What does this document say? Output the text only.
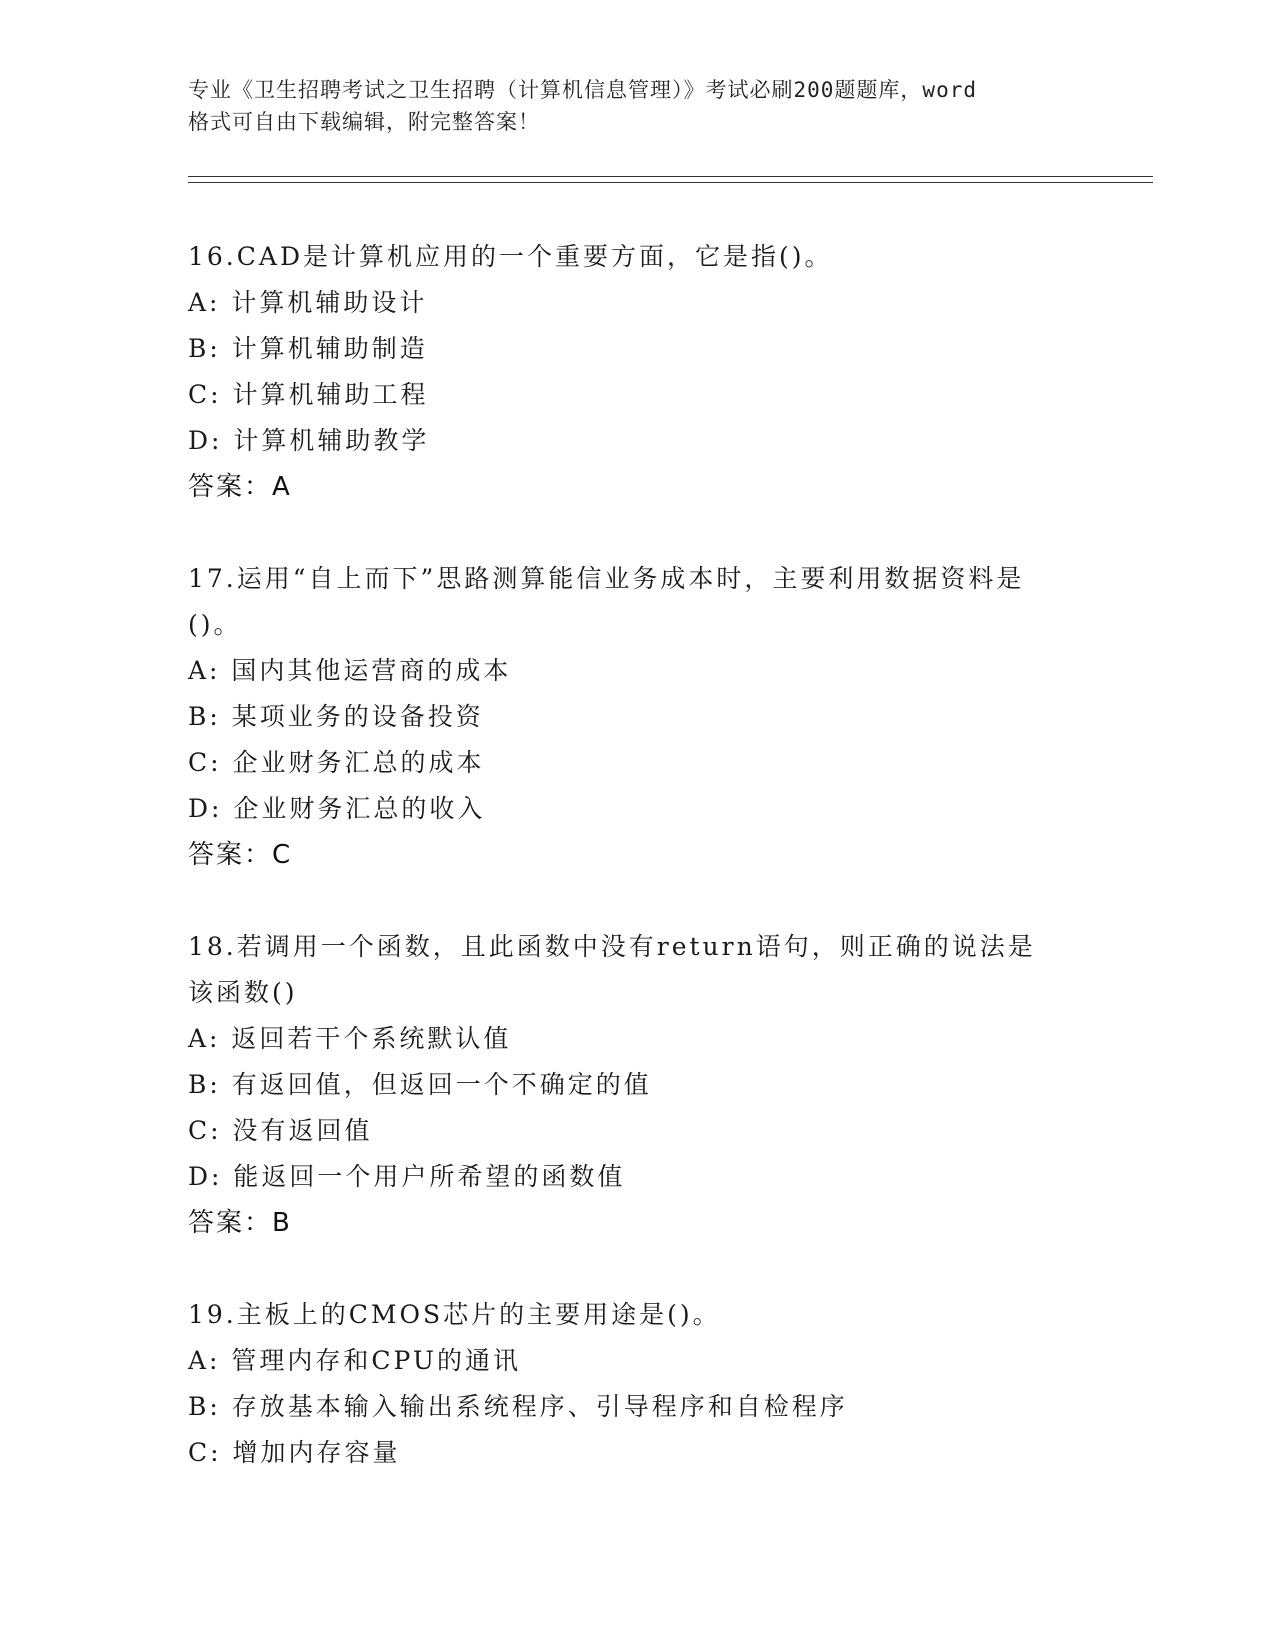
专业《卫生招聘考试之卫生招聘（计算机信息管理）》考试必刷200题题库，word
格式可自由下载编辑，附完整答案！

16.CAD是计算机应用的一个重要方面，它是指()。

A: 计算机辅助设计

B: 计算机辅助制造

C: 计算机辅助工程

D: 计算机辅助教学

答案：A

17.运用“自上而下”思路测算能信业务成本时，主要利用数据资料是

()。

A: 国内其他运营商的成本

B: 某项业务的设备投资

C: 企业财务汇总的成本

D: 企业财务汇总的收入

答案：C

18.若调用一个函数，且此函数中没有return语句，则正确的说法是

该函数()

A: 返回若干个系统默认值

B: 有返回值，但返回一个不确定的值

C: 没有返回值

D: 能返回一个用户所希望的函数值

答案：B

19.主板上的CMOS芯片的主要用途是()。

A: 管理内存和CPU的通讯

B: 存放基本输入输出系统程序、引导程序和自检程序

C: 增加内存容量
